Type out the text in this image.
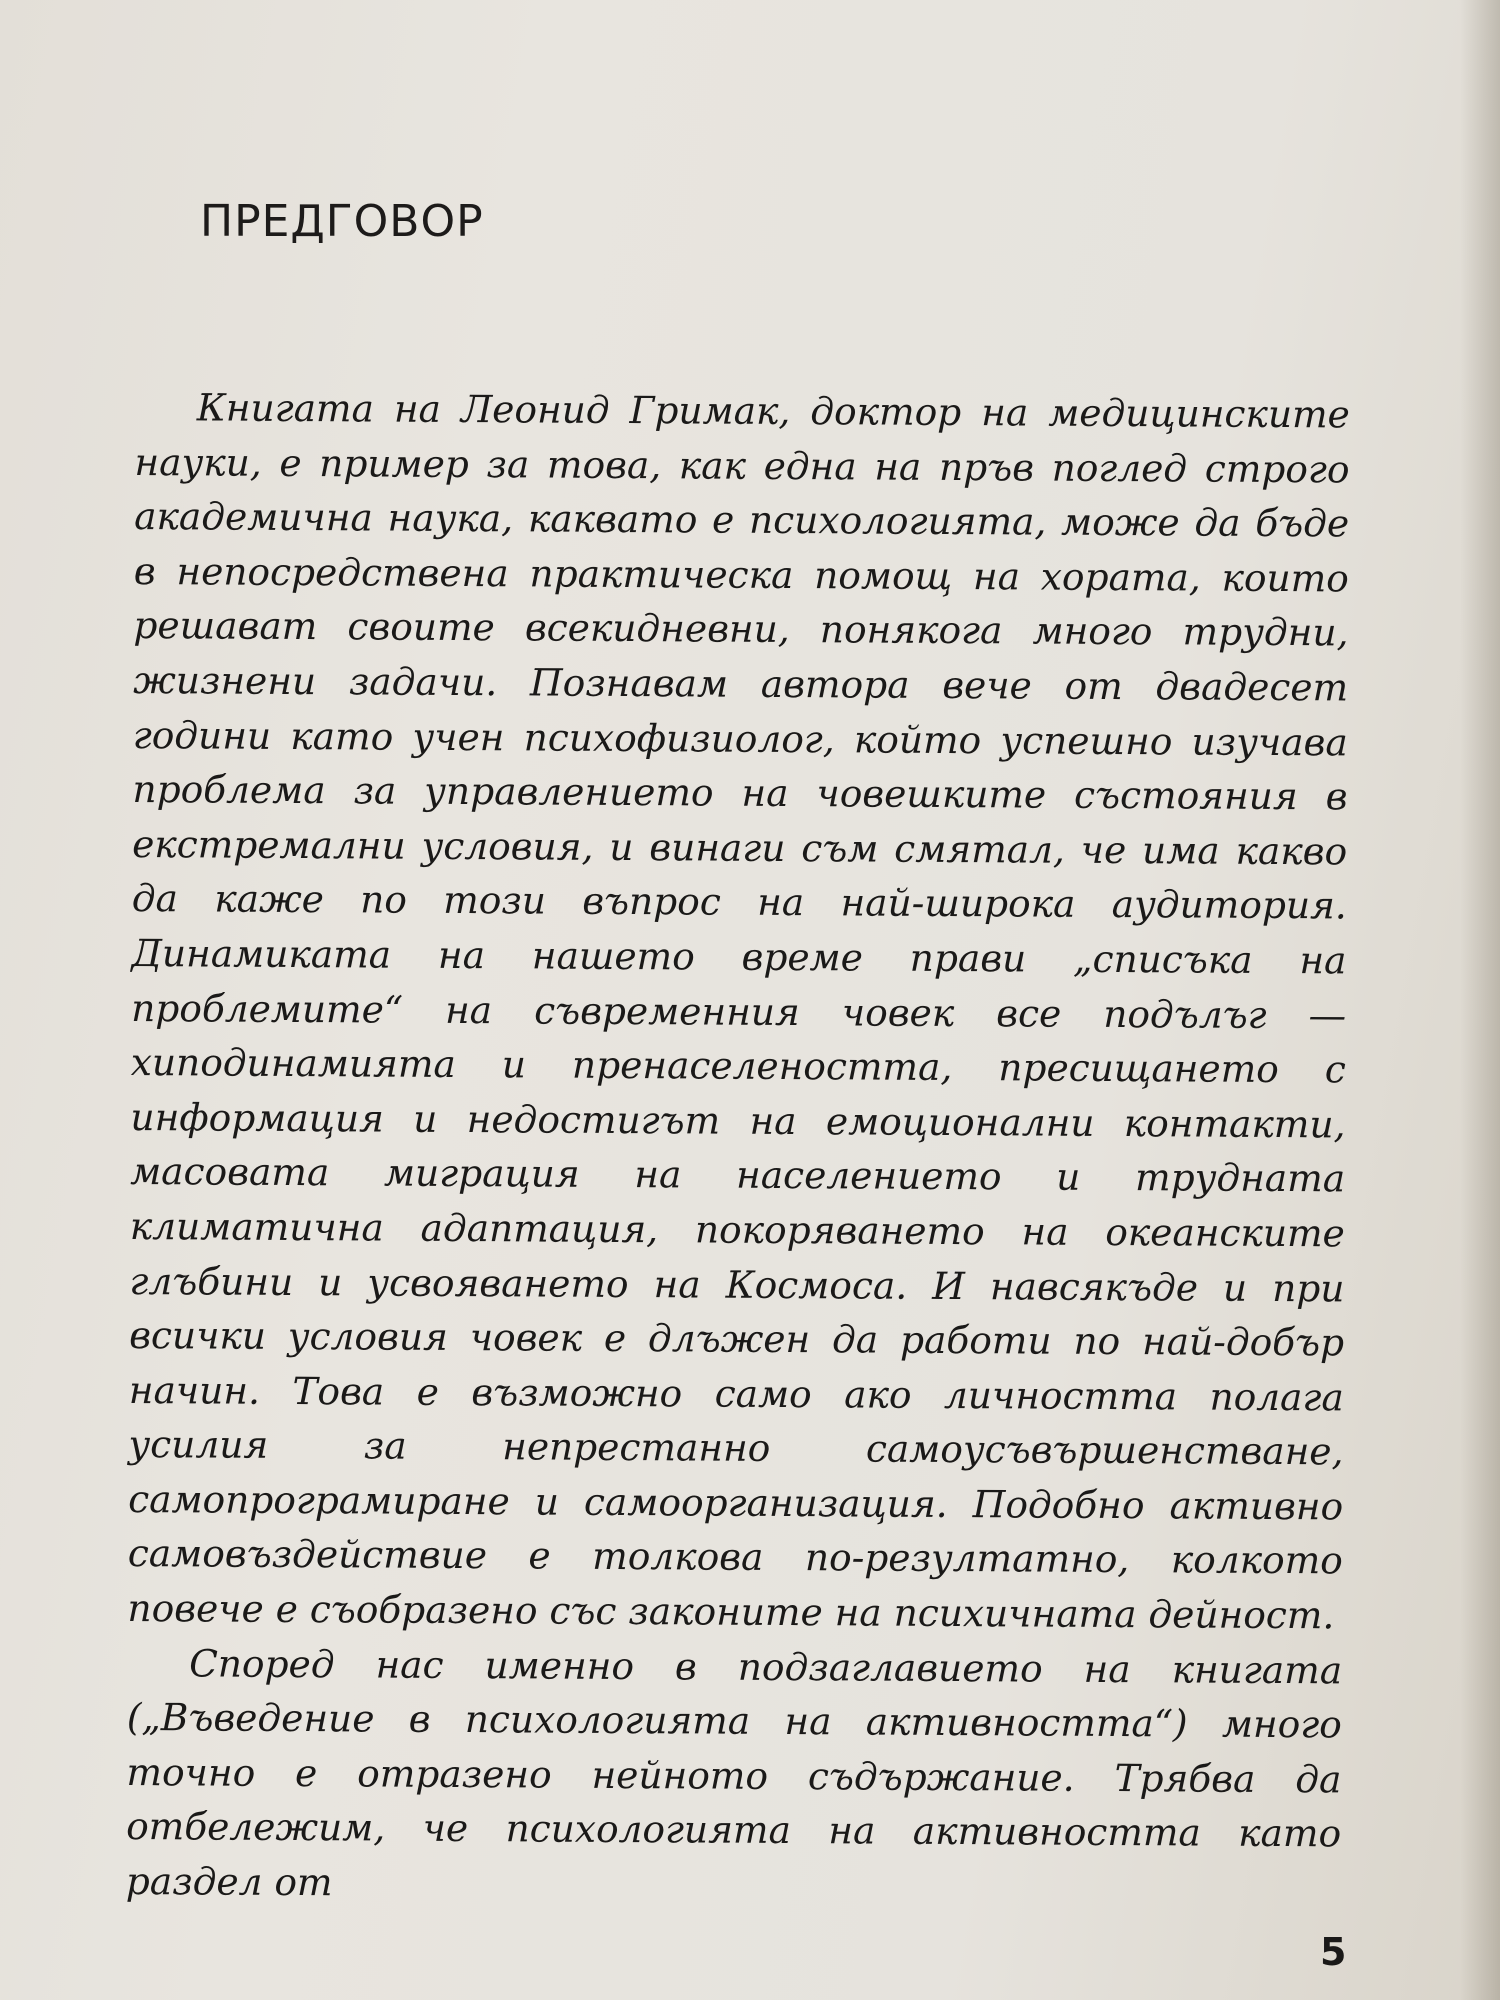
ПРЕДГОВОР

Книгата на Леонид Гримак, доктор на медицинските науки, е пример за това, как една на пръв поглед строго академична наука, каквато е психологията, може да бъде в непосредствена практическа помощ на хората, които решават своите всекидневни, понякога много трудни, жизнени задачи. Познавам автора вече от двадесет години като учен психофизиолог, който успешно изучава проблема за управлението на човешките състояния в екстремални условия, и винаги съм смятал, че има какво да каже по този въпрос на най-широка аудитория. Динамиката на нашето време прави „списъка на проблемите“ на съвременния човек все подълъг — хиподинамията и пренаселеността, пресищането с информация и недостигът на емоционални контакти, масовата миграция на населението и трудната климатична адаптация, покоряването на океанските глъбини и усвояването на Космоса. И навсякъде и при всички условия човек е длъжен да работи по най-добър начин. Това е възможно само ако личността полага усилия за непрестанно самоусъвършенстване, самопрограмиране и самоорганизация. Подобно активно самовъздействие е толкова по-резултатно, колкото повече е съобразено със законите на психичната дейност.

Според нас именно в подзаглавието на книгата („Въведение в психологията на активността“) много точно е отразено нейното съдържание. Трябва да отбележим, че психологията на активността като раздел от

5
